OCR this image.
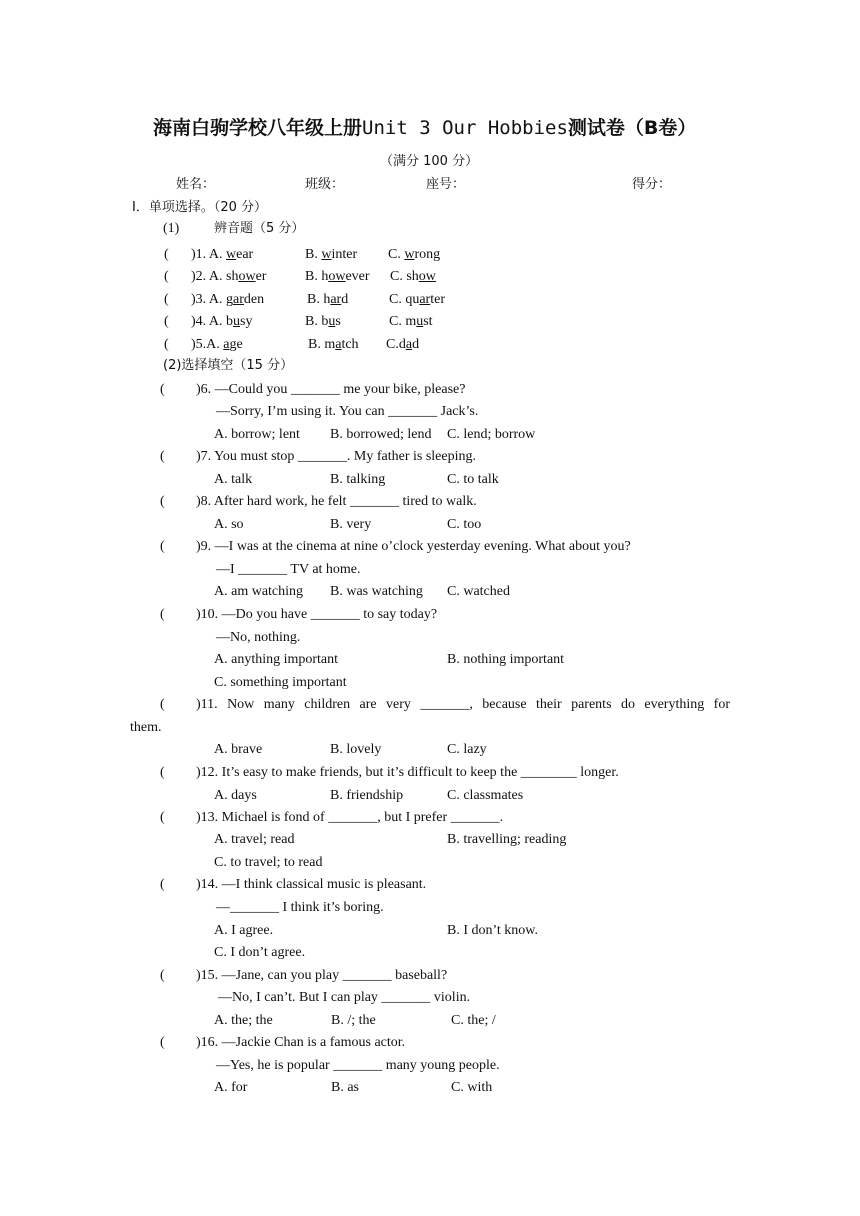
海南白驹学校八年级上册Unit 3 Our Hobbies测试卷（B卷）
（满分 100 分）
姓名：	班级：	座号：	得分：
Ⅰ．单项选择。（20 分）
(1)	辨音题（5 分）
( )1. A. wear	B. winter C. wrong
( )2. A. shower	B. however C. show
( )3. A. garden	B. hard	C. quarter
( )4. A. busy	B. bus	C. must
( )5.A. age	B. match C.dad
(2)选择填空（15 分）
( )6. —Could you _______ me your bike, please?
—Sorry, I’m using it. You can _______ Jack’s.
A. borrow; lent B. borrowed; lend C. lend; borrow
( )7. You must stop _______. My father is sleeping.
A. talk	B. talking	C. to talk
( )8. After hard work, he felt _______ tired to walk.
A. so	B. very	C. too
( )9. —I was at the cinema at nine o’clock yesterday evening. What about you?
—I _______ TV at home.
A. am watching B. was watching C. watched
( )10. —Do you have _______ to say today?
—No, nothing.
A. anything important	B. nothing important
C. something important
( )11. Now many children are very _______, because their parents do everything for
them.
A. brave	B. lovely	C. lazy
( )12. It’s easy to make friends, but it’s difficult to keep the ________ longer.
A. days	B. friendship	C. classmates
( )13. Michael is fond of _______, but I prefer _______.
A. travel; read	B. travelling; reading
C. to travel; to read
( )14. —I think classical music is pleasant.
—_______ I think it’s boring.
A. I agree.	B. I don’t know.
C. I don’t agree.
( )15. —Jane, can you play _______ baseball?
—No, I can’t. But I can play _______ violin.
A. the; the	B. /; the	C. the; /
( )16. —Jackie Chan is a famous actor.
—Yes, he is popular _______ many young people.
A. for	B. as	C. with
